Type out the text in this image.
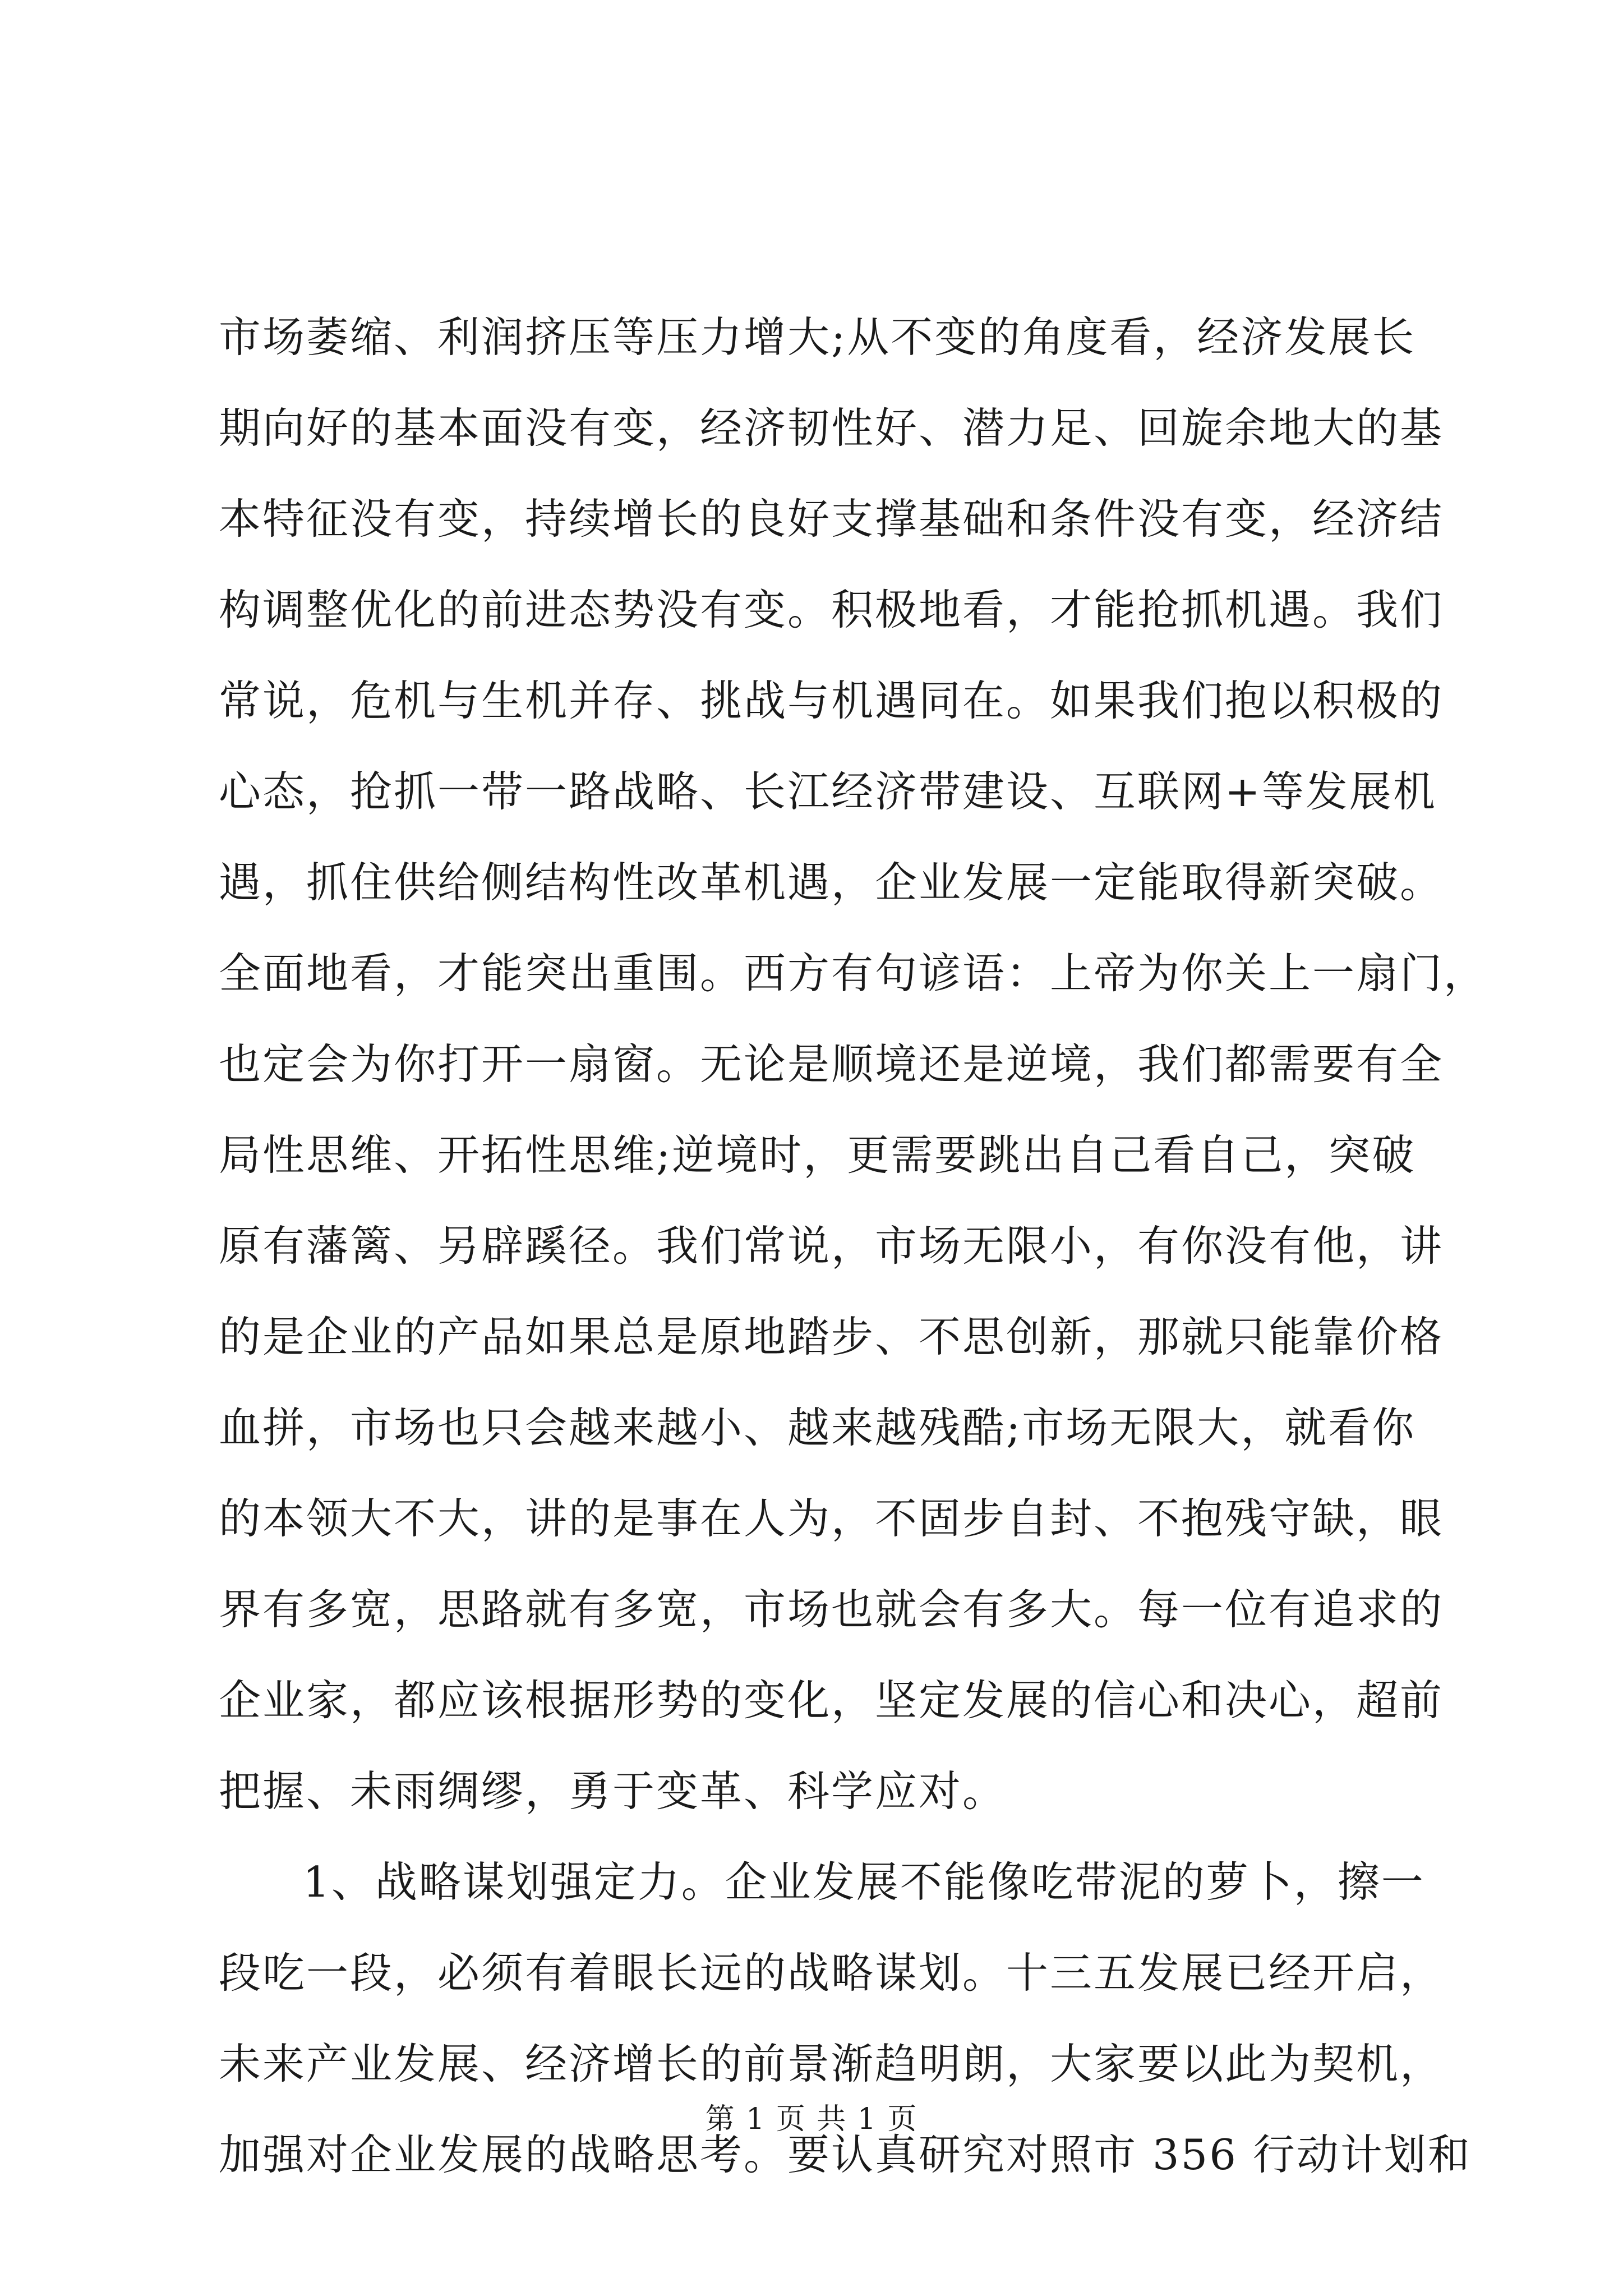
市场萎缩、利润挤压等压力增大;从不变的角度看，经济发展长
期向好的基本面没有变，经济韧性好、潜力足、回旋余地大的基
本特征没有变，持续增长的良好支撑基础和条件没有变，经济结
构调整优化的前进态势没有变。积极地看，才能抢抓机遇。我们
常说，危机与生机并存、挑战与机遇同在。如果我们抱以积极的
心态，抢抓一带一路战略、长江经济带建设、互联网+等发展机
遇，抓住供给侧结构性改革机遇，企业发展一定能取得新突破。
全面地看，才能突出重围。西方有句谚语：上帝为你关上一扇门，
也定会为你打开一扇窗。无论是顺境还是逆境，我们都需要有全
局性思维、开拓性思维;逆境时，更需要跳出自己看自己，突破
原有藩篱、另辟蹊径。我们常说，市场无限小，有你没有他，讲
的是企业的产品如果总是原地踏步、不思创新，那就只能靠价格
血拼，市场也只会越来越小、越来越残酷;市场无限大，就看你
的本领大不大，讲的是事在人为，不固步自封、不抱残守缺，眼
界有多宽，思路就有多宽，市场也就会有多大。每一位有追求的
企业家，都应该根据形势的变化，坚定发展的信心和决心，超前
把握、未雨绸缪，勇于变革、科学应对。
1、战略谋划强定力。企业发展不能像吃带泥的萝卜，擦一
段吃一段，必须有着眼长远的战略谋划。十三五发展已经开启，
未来产业发展、经济增长的前景渐趋明朗，大家要以此为契机，
加强对企业发展的战略思考。要认真研究对照市 356 行动计划和
第 1 页 共 1 页
